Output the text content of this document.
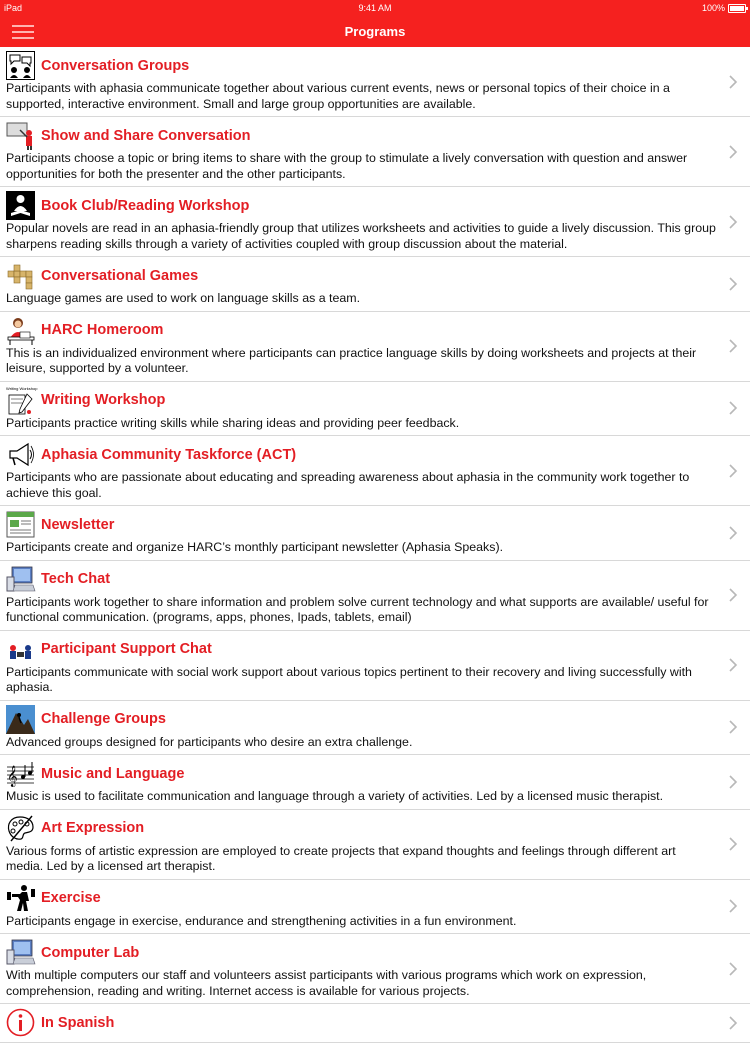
iPad	9:41 AM	100%
Programs
Conversation Groups
Participants with aphasia communicate together about various current events, news or personal topics of their choice in a supported, interactive environment. Small and large group opportunities are available.
Show and Share Conversation
Participants choose a topic or bring items to share with the group to stimulate a lively conversation with question and answer opportunities for both the presenter and the other participants.
Book Club/Reading Workshop
Popular novels are read in an aphasia-friendly group that utilizes worksheets and activities to guide a lively discussion. This group sharpens reading skills through a variety of activities coupled with group discussion about the material.
Conversational Games
Language games are used to work on language skills as a team.
HARC Homeroom
This is an individualized environment where participants can practice language skills by doing worksheets and projects at their leisure, supported by a volunteer.
Writing Workshop
Writing Workshop
Participants practice writing skills while sharing ideas and providing peer feedback.
Aphasia Community Taskforce (ACT)
Participants who are passionate about educating and spreading awareness about aphasia in the community work together to achieve this goal.
Newsletter
Participants create and organize HARC’s monthly participant newsletter (Aphasia Speaks).
Tech Chat
Participants work together to share information and problem solve current technology and what supports are available/ useful for functional communication. (programs, apps, phones, Ipads, tablets, email)
Participant Support Chat
Participants communicate with social work support about various topics pertinent to their recovery and living successfully with aphasia.
Challenge Groups
Advanced groups designed for participants who desire an extra challenge.
𝄞 Music and Language
Music is used to facilitate communication and language through a variety of activities. Led by a licensed music therapist.
Art Expression
Various forms of artistic expression are employed to create projects that expand thoughts and feelings through different art media. Led by a licensed art therapist.
Exercise
Participants engage in exercise, endurance and strengthening activities in a fun environment.
Computer Lab
With multiple computers our staff and volunteers assist participants with various programs which work on expression, comprehension, reading and writing. Internet access is available for various projects.
In Spanish
